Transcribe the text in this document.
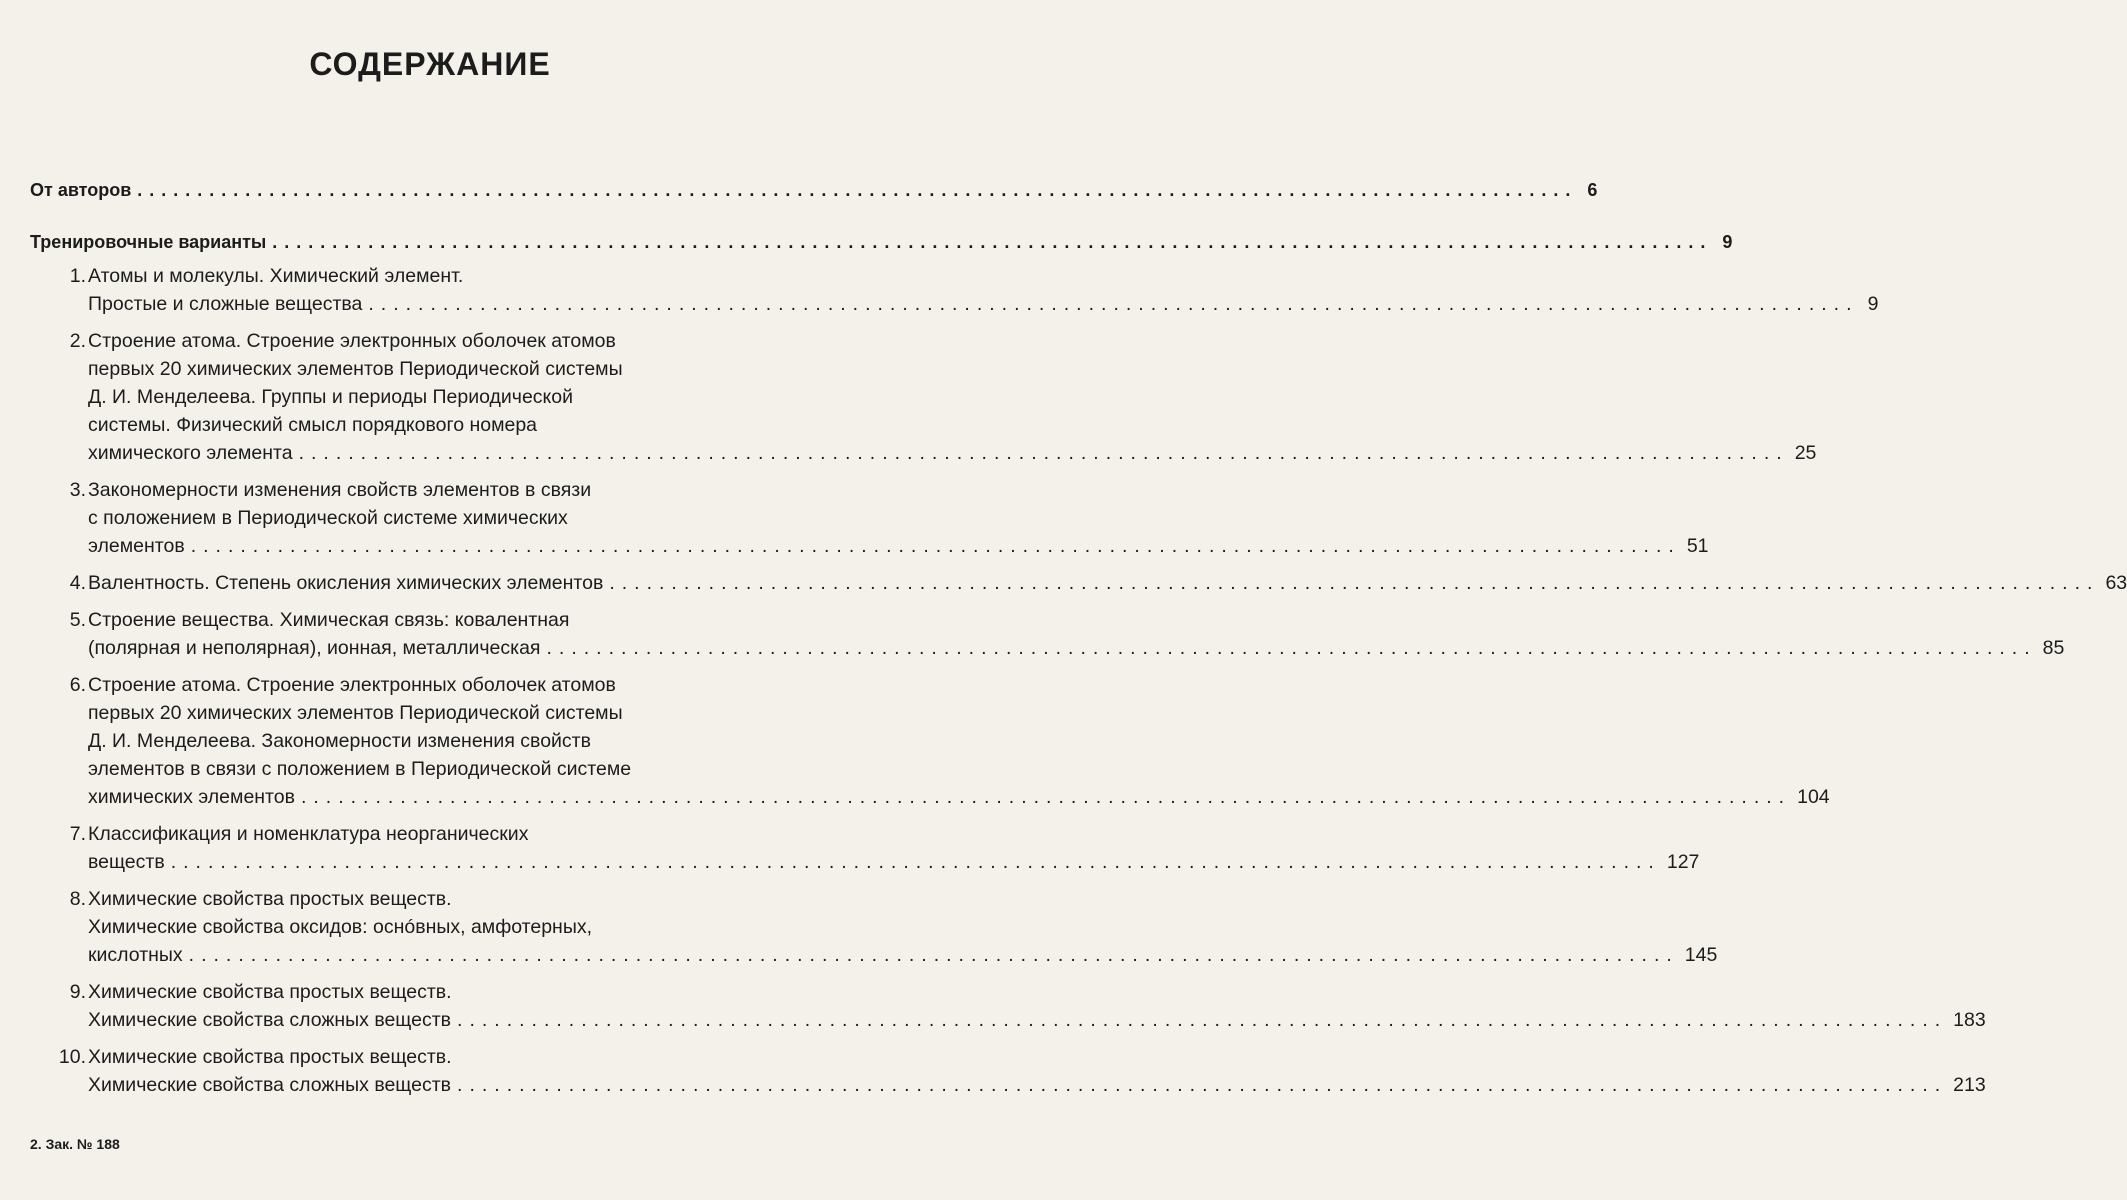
СОДЕРЖАНИЕ
От авторов ........................................................................................................................ 6
Тренировочные варианты ........................................................................................................................ 9
1. Атомы и молекулы. Химический элемент.
Простые и сложные вещества ........................................................................................................................ 9
2. Строение атома. Строение электронных оболочек атомов
первых 20 химических элементов Периодической системы
Д. И. Менделеева. Группы и периоды Периодической
системы. Физический смысл порядкового номера
химического элемента ........................................................................................................................ 25
3. Закономерности изменения свойств элементов в связи
с положением в Периодической системе химических
элементов ........................................................................................................................ 51
4. Валентность. Степень окисления химических элементов ........................................................................................................................ 63
5. Строение вещества. Химическая связь: ковалентная
(полярная и неполярная), ионная, металлическая ........................................................................................................................ 85
6. Строение атома. Строение электронных оболочек атомов
первых 20 химических элементов Периодической системы
Д. И. Менделеева. Закономерности изменения свойств
элементов в связи с положением в Периодической системе
химических элементов ........................................................................................................................ 104
7. Классификация и номенклатура неорганических
веществ ........................................................................................................................ 127
8. Химические свойства простых веществ.
Химические свойства оксидов: оснóвных, амфотерных,
кислотных ........................................................................................................................ 145
9. Химические свойства простых веществ.
Химические свойства сложных веществ ........................................................................................................................ 183
10. Химические свойства простых веществ.
Химические свойства сложных веществ ........................................................................................................................ 213
2. Зак. № 188
